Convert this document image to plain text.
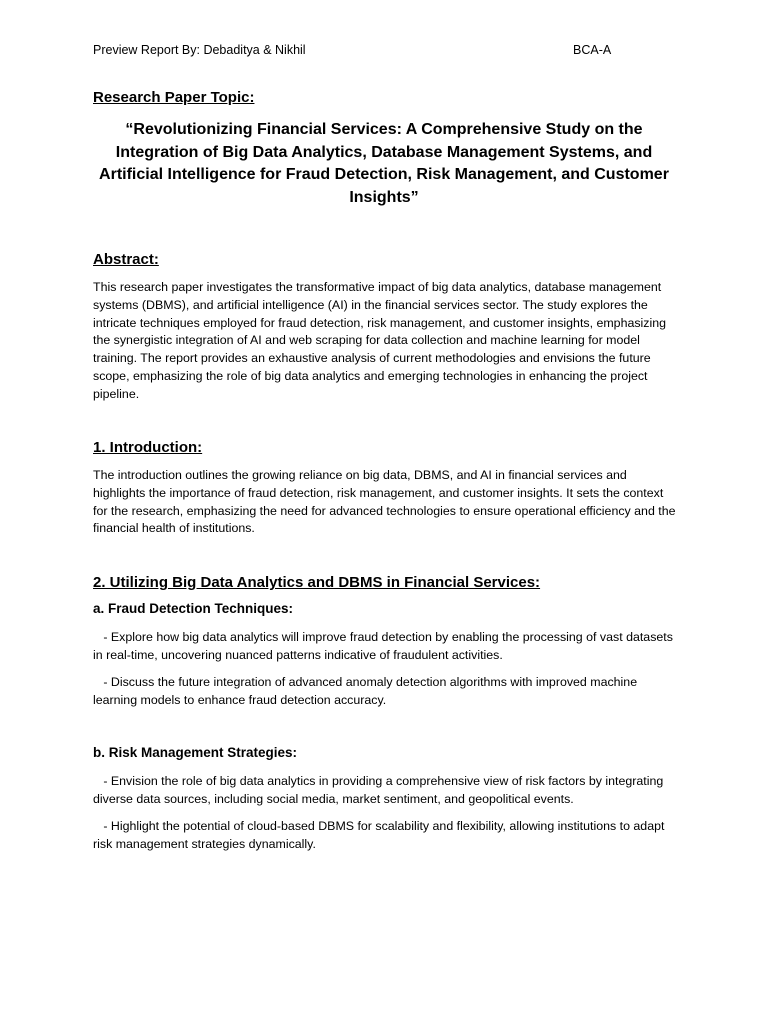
Preview Report By: Debaditya & Nikhil	BCA-A
Research Paper Topic:
“Revolutionizing Financial Services: A Comprehensive Study on the Integration of Big Data Analytics, Database Management Systems, and Artificial Intelligence for Fraud Detection, Risk Management, and Customer Insights”
Abstract:
This research paper investigates the transformative impact of big data analytics, database management systems (DBMS), and artificial intelligence (AI) in the financial services sector. The study explores the intricate techniques employed for fraud detection, risk management, and customer insights, emphasizing the synergistic integration of AI and web scraping for data collection and machine learning for model training. The report provides an exhaustive analysis of current methodologies and envisions the future scope, emphasizing the role of big data analytics and emerging technologies in enhancing the project pipeline.
1. Introduction:
The introduction outlines the growing reliance on big data, DBMS, and AI in financial services and highlights the importance of fraud detection, risk management, and customer insights. It sets the context for the research, emphasizing the need for advanced technologies to ensure operational efficiency and the financial health of institutions.
2. Utilizing Big Data Analytics and DBMS in Financial Services:
a. Fraud Detection Techniques:
- Explore how big data analytics will improve fraud detection by enabling the processing of vast datasets in real-time, uncovering nuanced patterns indicative of fraudulent activities.
- Discuss the future integration of advanced anomaly detection algorithms with improved machine learning models to enhance fraud detection accuracy.
b. Risk Management Strategies:
- Envision the role of big data analytics in providing a comprehensive view of risk factors by integrating diverse data sources, including social media, market sentiment, and geopolitical events.
- Highlight the potential of cloud-based DBMS for scalability and flexibility, allowing institutions to adapt risk management strategies dynamically.
